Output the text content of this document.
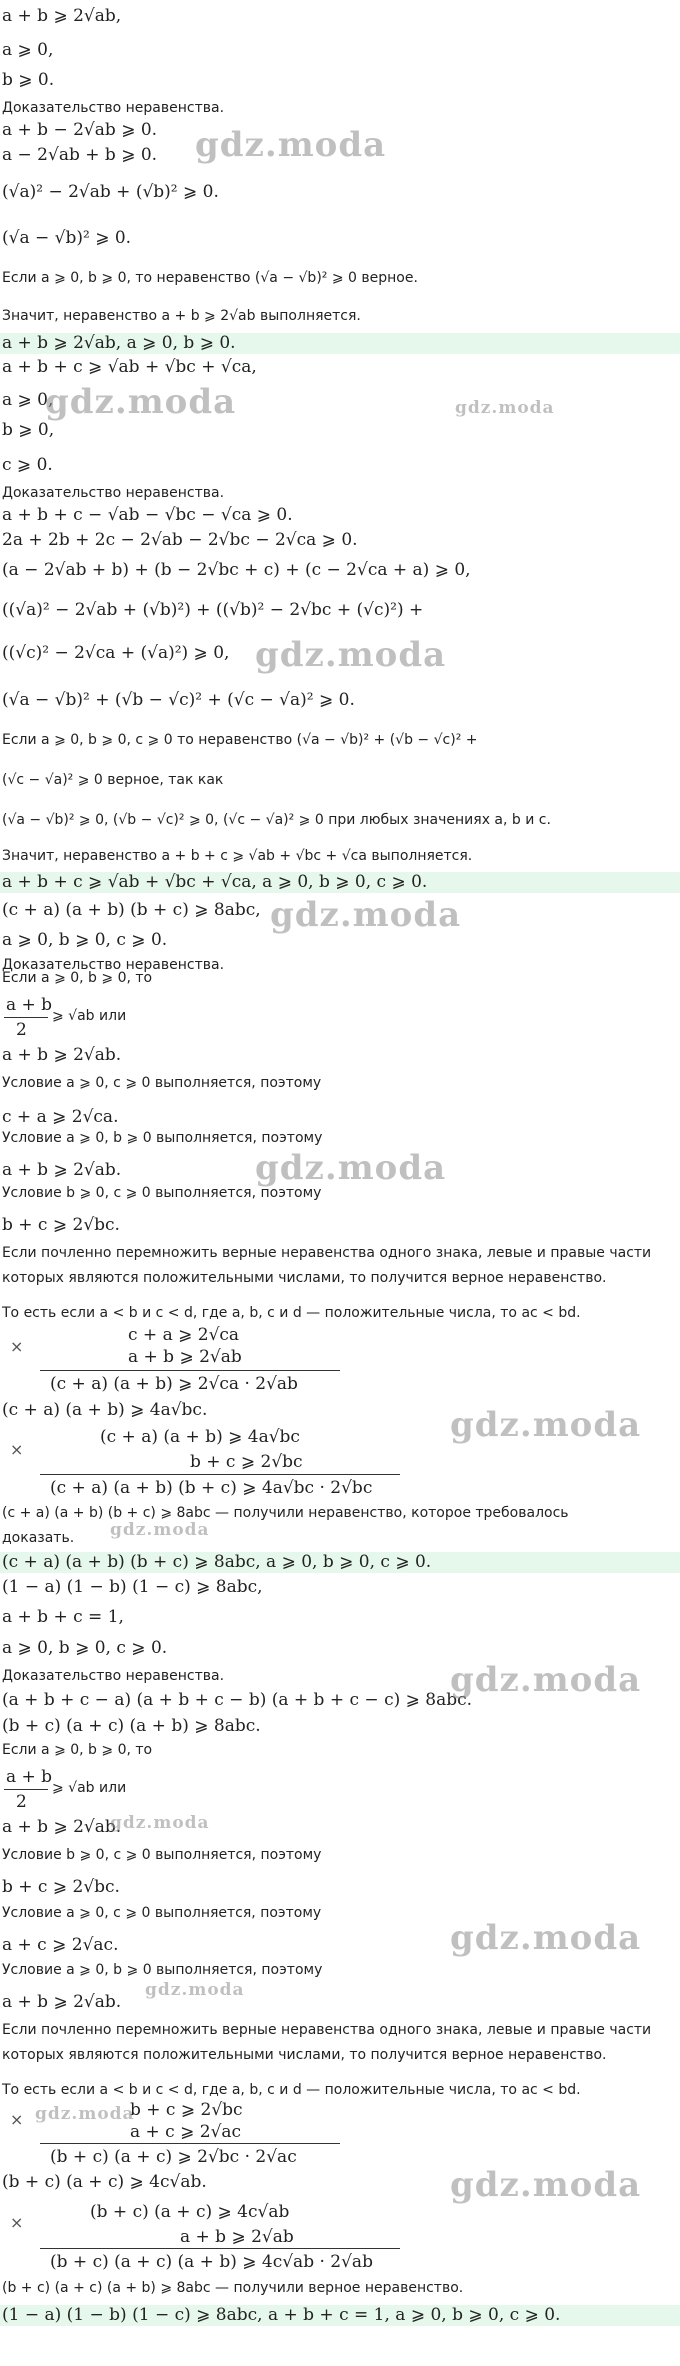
a + b ⩾ 2√ab,
a ⩾ 0,
b ⩾ 0.
Доказательство неравенства.
a + b − 2√ab ⩾ 0.
a − 2√ab + b ⩾ 0.
(√a)² − 2√ab + (√b)² ⩾ 0.
(√a − √b)² ⩾ 0.
Если a ⩾ 0, b ⩾ 0, то неравенство (√a − √b)² ⩾ 0 верное.
Значит, неравенство a + b ⩾ 2√ab выполняется.
a + b ⩾ 2√ab, a ⩾ 0, b ⩾ 0.
a + b + c ⩾ √ab + √bc + √ca,
a ⩾ 0,
b ⩾ 0,
c ⩾ 0.
Доказательство неравенства.
a + b + c − √ab − √bc − √ca ⩾ 0.
2a + 2b + 2c − 2√ab − 2√bc − 2√ca ⩾ 0.
(a − 2√ab + b) + (b − 2√bc + c) + (c − 2√ca + a) ⩾ 0,
((√a)² − 2√ab + (√b)²) + ((√b)² − 2√bc + (√c)²) +
((√c)² − 2√ca + (√a)²) ⩾ 0,
(√a − √b)² + (√b − √c)² + (√c − √a)² ⩾ 0.
Если a ⩾ 0, b ⩾ 0, c ⩾ 0 то неравенство (√a − √b)² + (√b − √c)² +
(√c − √a)² ⩾ 0 верное, так как
(√a − √b)² ⩾ 0, (√b − √c)² ⩾ 0, (√c − √a)² ⩾ 0 при любых значениях a, b и c.
Значит, неравенство a + b + c ⩾ √ab + √bc + √ca выполняется.
a + b + c ⩾ √ab + √bc + √ca, a ⩾ 0, b ⩾ 0, c ⩾ 0.
(c + a) (a + b) (b + c) ⩾ 8abc,
a ⩾ 0, b ⩾ 0, c ⩾ 0.
Доказательство неравенства.
Если a ⩾ 0, b ⩾ 0, то
a + b
2
⩾ √ab или
a + b ⩾ 2√ab.
Условие a ⩾ 0, c ⩾ 0 выполняется, поэтому
c + a ⩾ 2√ca.
Условие a ⩾ 0, b ⩾ 0 выполняется, поэтому
a + b ⩾ 2√ab.
Условие b ⩾ 0, c ⩾ 0 выполняется, поэтому
b + c ⩾ 2√bc.
Если почленно перемножить верные неравенства одного знака, левые и правые части
которых являются положительными числами, то получится верное неравенство.
То есть если a < b и c < d, где a, b, c и d — положительные числа, то ac < bd.
c + a ⩾ 2√ca
a + b ⩾ 2√ab
(c + a) (a + b) ⩾ 2√ca · 2√ab
(c + a) (a + b) ⩾ 4a√bc.
(c + a) (a + b) ⩾ 4a√bc
b + c ⩾ 2√bc
(c + a) (a + b) (b + c) ⩾ 4a√bc · 2√bc
(c + a) (a + b) (b + c) ⩾ 8abc — получили неравенство, которое требовалось
доказать.
(c + a) (a + b) (b + c) ⩾ 8abc, a ⩾ 0, b ⩾ 0, c ⩾ 0.
(1 − a) (1 − b) (1 − c) ⩾ 8abc,
a + b + c = 1,
a ⩾ 0, b ⩾ 0, c ⩾ 0.
Доказательство неравенства.
(a + b + c − a) (a + b + c − b) (a + b + c − c) ⩾ 8abc.
(b + c) (a + c) (a + b) ⩾ 8abc.
Если a ⩾ 0, b ⩾ 0, то
a + b
2
⩾ √ab или
a + b ⩾ 2√ab.
Условие b ⩾ 0, c ⩾ 0 выполняется, поэтому
b + c ⩾ 2√bc.
Условие a ⩾ 0, c ⩾ 0 выполняется, поэтому
a + c ⩾ 2√ac.
Условие a ⩾ 0, b ⩾ 0 выполняется, поэтому
a + b ⩾ 2√ab.
Если почленно перемножить верные неравенства одного знака, левые и правые части
которых являются положительными числами, то получится верное неравенство.
То есть если a < b и c < d, где a, b, c и d — положительные числа, то ac < bd.
b + c ⩾ 2√bc
a + c ⩾ 2√ac
(b + c) (a + c) ⩾ 2√bc · 2√ac
(b + c) (a + c) ⩾ 4c√ab.
(b + c) (a + c) ⩾ 4c√ab
a + b ⩾ 2√ab
(b + c) (a + c) (a + b) ⩾ 4c√ab · 2√ab
(b + c) (a + c) (a + b) ⩾ 8abc — получили верное неравенство.
(1 − a) (1 − b) (1 − c) ⩾ 8abc, a + b + c = 1, a ⩾ 0, b ⩾ 0, c ⩾ 0.
×
×
×
×
gdz.moda
gdz.moda	gdz.moda
gdz.moda
gdz.moda
gdz.moda
gdz.moda
gdz.moda
gdz.moda
gdz.moda
gdz.moda
gdz.moda
gdz.moda
gdz.moda
